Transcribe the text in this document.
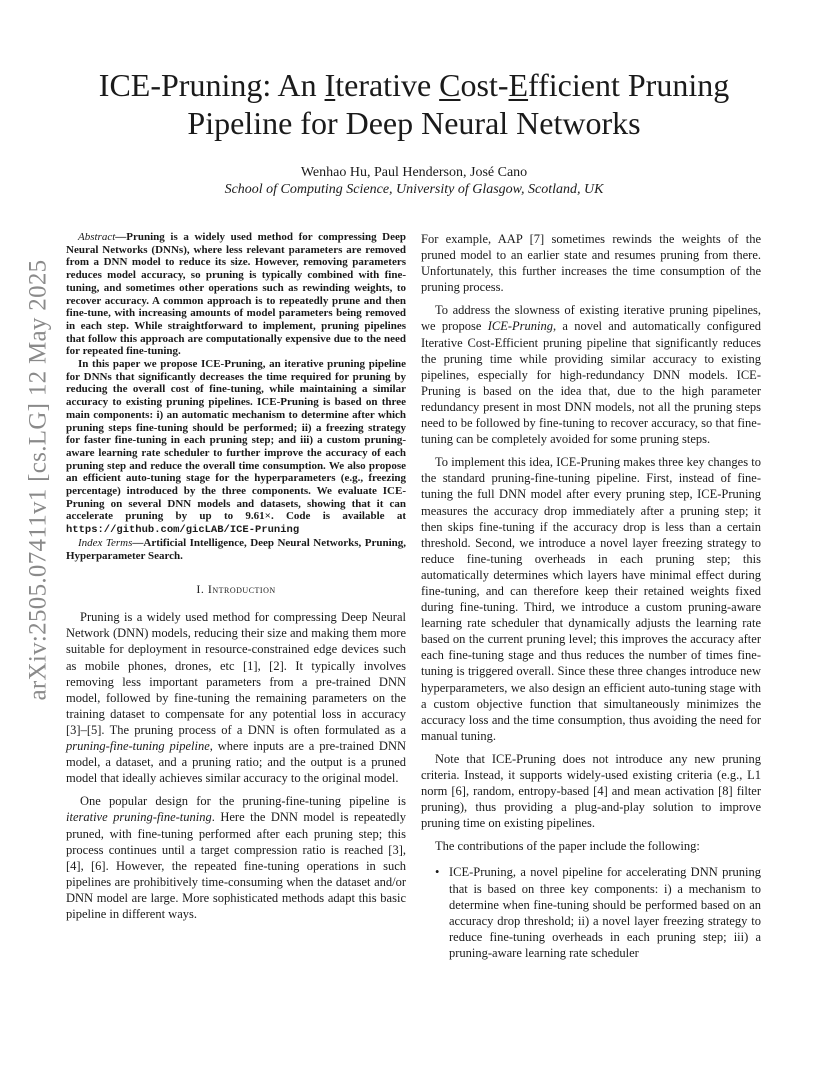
arXiv:2505.07411v1 [cs.LG] 12 May 2025
ICE-Pruning: An Iterative Cost-Efficient Pruning
Pipeline for Deep Neural Networks
Wenhao Hu, Paul Henderson, José Cano
School of Computing Science, University of Glasgow, Scotland, UK

Abstract—Pruning is a widely used method for compressing Deep Neural Networks (DNNs), where less relevant parameters are removed from a DNN model to reduce its size. However, removing parameters reduces model accuracy, so pruning is typically combined with fine-tuning, and sometimes other operations such as rewinding weights, to recover accuracy. A common approach is to repeatedly prune and then fine-tune, with increasing amounts of model parameters being removed in each step. While straightforward to implement, pruning pipelines that follow this approach are computationally expensive due to the need for repeated fine-tuning.

In this paper we propose ICE-Pruning, an iterative pruning pipeline for DNNs that significantly decreases the time required for pruning by reducing the overall cost of fine-tuning, while maintaining a similar accuracy to existing pruning pipelines. ICE-Pruning is based on three main components: i) an automatic mechanism to determine after which pruning steps fine-tuning should be performed; ii) a freezing strategy for faster fine-tuning in each pruning step; and iii) a custom pruning-aware learning rate scheduler to further improve the accuracy of each pruning step and reduce the overall time consumption. We also propose an efficient auto-tuning stage for the hyperparameters (e.g., freezing percentage) introduced by the three components. We evaluate ICE-Pruning on several DNN models and datasets, showing that it can accelerate pruning by up to 9.61×. Code is available at https://github.com/gicLAB/ICE-Pruning

Index Terms—Artificial Intelligence, Deep Neural Networks, Pruning, Hyperparameter Search.

I. Introduction

Pruning is a widely used method for compressing Deep Neural Network (DNN) models, reducing their size and making them more suitable for deployment in resource-constrained edge devices such as mobile phones, drones, etc [1], [2]. It typically involves removing less important parameters from a pre-trained DNN model, followed by fine-tuning the remaining parameters on the training dataset to compensate for any potential loss in accuracy [3]–[5]. The pruning process of a DNN is often formulated as a pruning-fine-tuning pipeline, where inputs are a pre-trained DNN model, a dataset, and a pruning ratio; and the output is a pruned model that ideally achieves similar accuracy to the original model.

One popular design for the pruning-fine-tuning pipeline is iterative pruning-fine-tuning. Here the DNN model is repeatedly pruned, with fine-tuning performed after each pruning step; this process continues until a target compression ratio is reached [3], [4], [6]. However, the repeated fine-tuning operations in such pipelines are prohibitively time-consuming when the dataset and/or DNN model are large. More sophisticated methods adapt this basic pipeline in different ways.

For example, AAP [7] sometimes rewinds the weights of the pruned model to an earlier state and resumes pruning from there. Unfortunately, this further increases the time consumption of the pruning process.

To address the slowness of existing iterative pruning pipelines, we propose ICE-Pruning, a novel and automatically configured Iterative Cost-Efficient pruning pipeline that significantly reduces the pruning time while providing similar accuracy to existing pipelines, especially for high-redundancy DNN models. ICE-Pruning is based on the idea that, due to the high parameter redundancy present in most DNN models, not all the pruning steps need to be followed by fine-tuning to recover accuracy, so that fine-tuning can be completely avoided for some pruning steps.

To implement this idea, ICE-Pruning makes three key changes to the standard pruning-fine-tuning pipeline. First, instead of fine-tuning the full DNN model after every pruning step, ICE-Pruning measures the accuracy drop immediately after a pruning step; it then skips fine-tuning if the accuracy drop is less than a certain threshold. Second, we introduce a novel layer freezing strategy to reduce fine-tuning overheads in each pruning step; this automatically determines which layers have minimal effect during fine-tuning, and can therefore keep their retained weights fixed during fine-tuning. Third, we introduce a custom pruning-aware learning rate scheduler that dynamically adjusts the learning rate based on the current pruning level; this improves the accuracy after each fine-tuning stage and thus reduces the number of times fine-tuning is triggered overall. Since these three changes introduce new hyperparameters, we also design an efficient auto-tuning stage with a custom objective function that simultaneously minimizes the accuracy loss and the time consumption, thus avoiding the need for manual tuning.

Note that ICE-Pruning does not introduce any new pruning criteria. Instead, it supports widely-used existing criteria (e.g., L1 norm [6], random, entropy-based [4] and mean activation [8] filter pruning), thus providing a plug-and-play solution to improve pruning time on existing pipelines.

The contributions of the paper include the following:

• ICE-Pruning, a novel pipeline for accelerating DNN pruning that is based on three key components: i) a mechanism to determine when fine-tuning should be performed based on an accuracy drop threshold; ii) a novel layer freezing strategy to reduce fine-tuning overheads in each pruning step; iii) a pruning-aware learning rate scheduler
